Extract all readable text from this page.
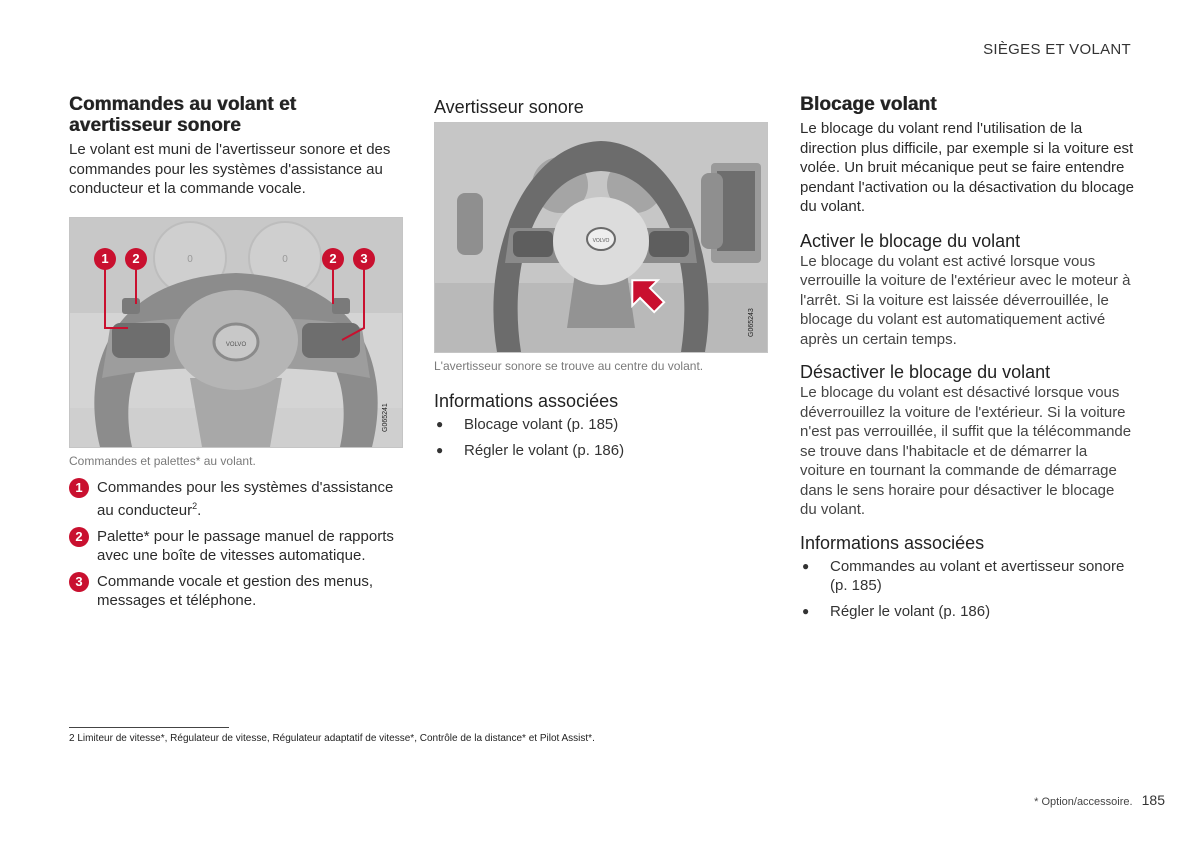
SIÈGES ET VOLANT
Commandes au volant et avertisseur sonore

Le volant est muni de l'avertisseur sonore et des commandes pour les systèmes d'assistance au conducteur et la commande vocale.

0	0
VOLVO
1	2	2	3
G065241
Commandes et palettes* au volant.
1 Commandes pour les systèmes d'assistance au conducteur$^2$.
2 Palette* pour le passage manuel de rapports avec une boîte de vitesses automatique.
3 Commande vocale et gestion des menus, messages et téléphone.
Avertisseur sonore
VOLVO
G065243
L'avertisseur sonore se trouve au centre du volant.
Informations associées
●	Blocage volant (p. 185)
●	Régler le volant (p. 186)
Blocage volant

Le blocage du volant rend l'utilisation de la direction plus difficile, par exemple si la voiture est volée. Un bruit mécanique peut se faire entendre pendant l'activation ou la désactivation du blocage du volant.

Activer le blocage du volant

Le blocage du volant est activé lorsque vous verrouille la voiture de l'extérieur avec le moteur à l'arrêt. Si la voiture est laissée déverrouillée, le blocage du volant est automatiquement activé après un certain temps.

Désactiver le blocage du volant

Le blocage du volant est désactivé lorsque vous déverrouillez la voiture de l'extérieur. Si la voiture n'est pas verrouillée, il suffit que la télécommande se trouve dans l'habitacle et de démarrer la voiture en tournant la commande de démarrage dans le sens horaire pour désactiver le blocage du volant.

Informations associées
●	Commandes au volant et avertisseur sonore (p. 185)
●	Régler le volant (p. 186)
2 Limiteur de vitesse*, Régulateur de vitesse, Régulateur adaptatif de vitesse*, Contrôle de la distance* et Pilot Assist*.
* Option/accessoire. 185
